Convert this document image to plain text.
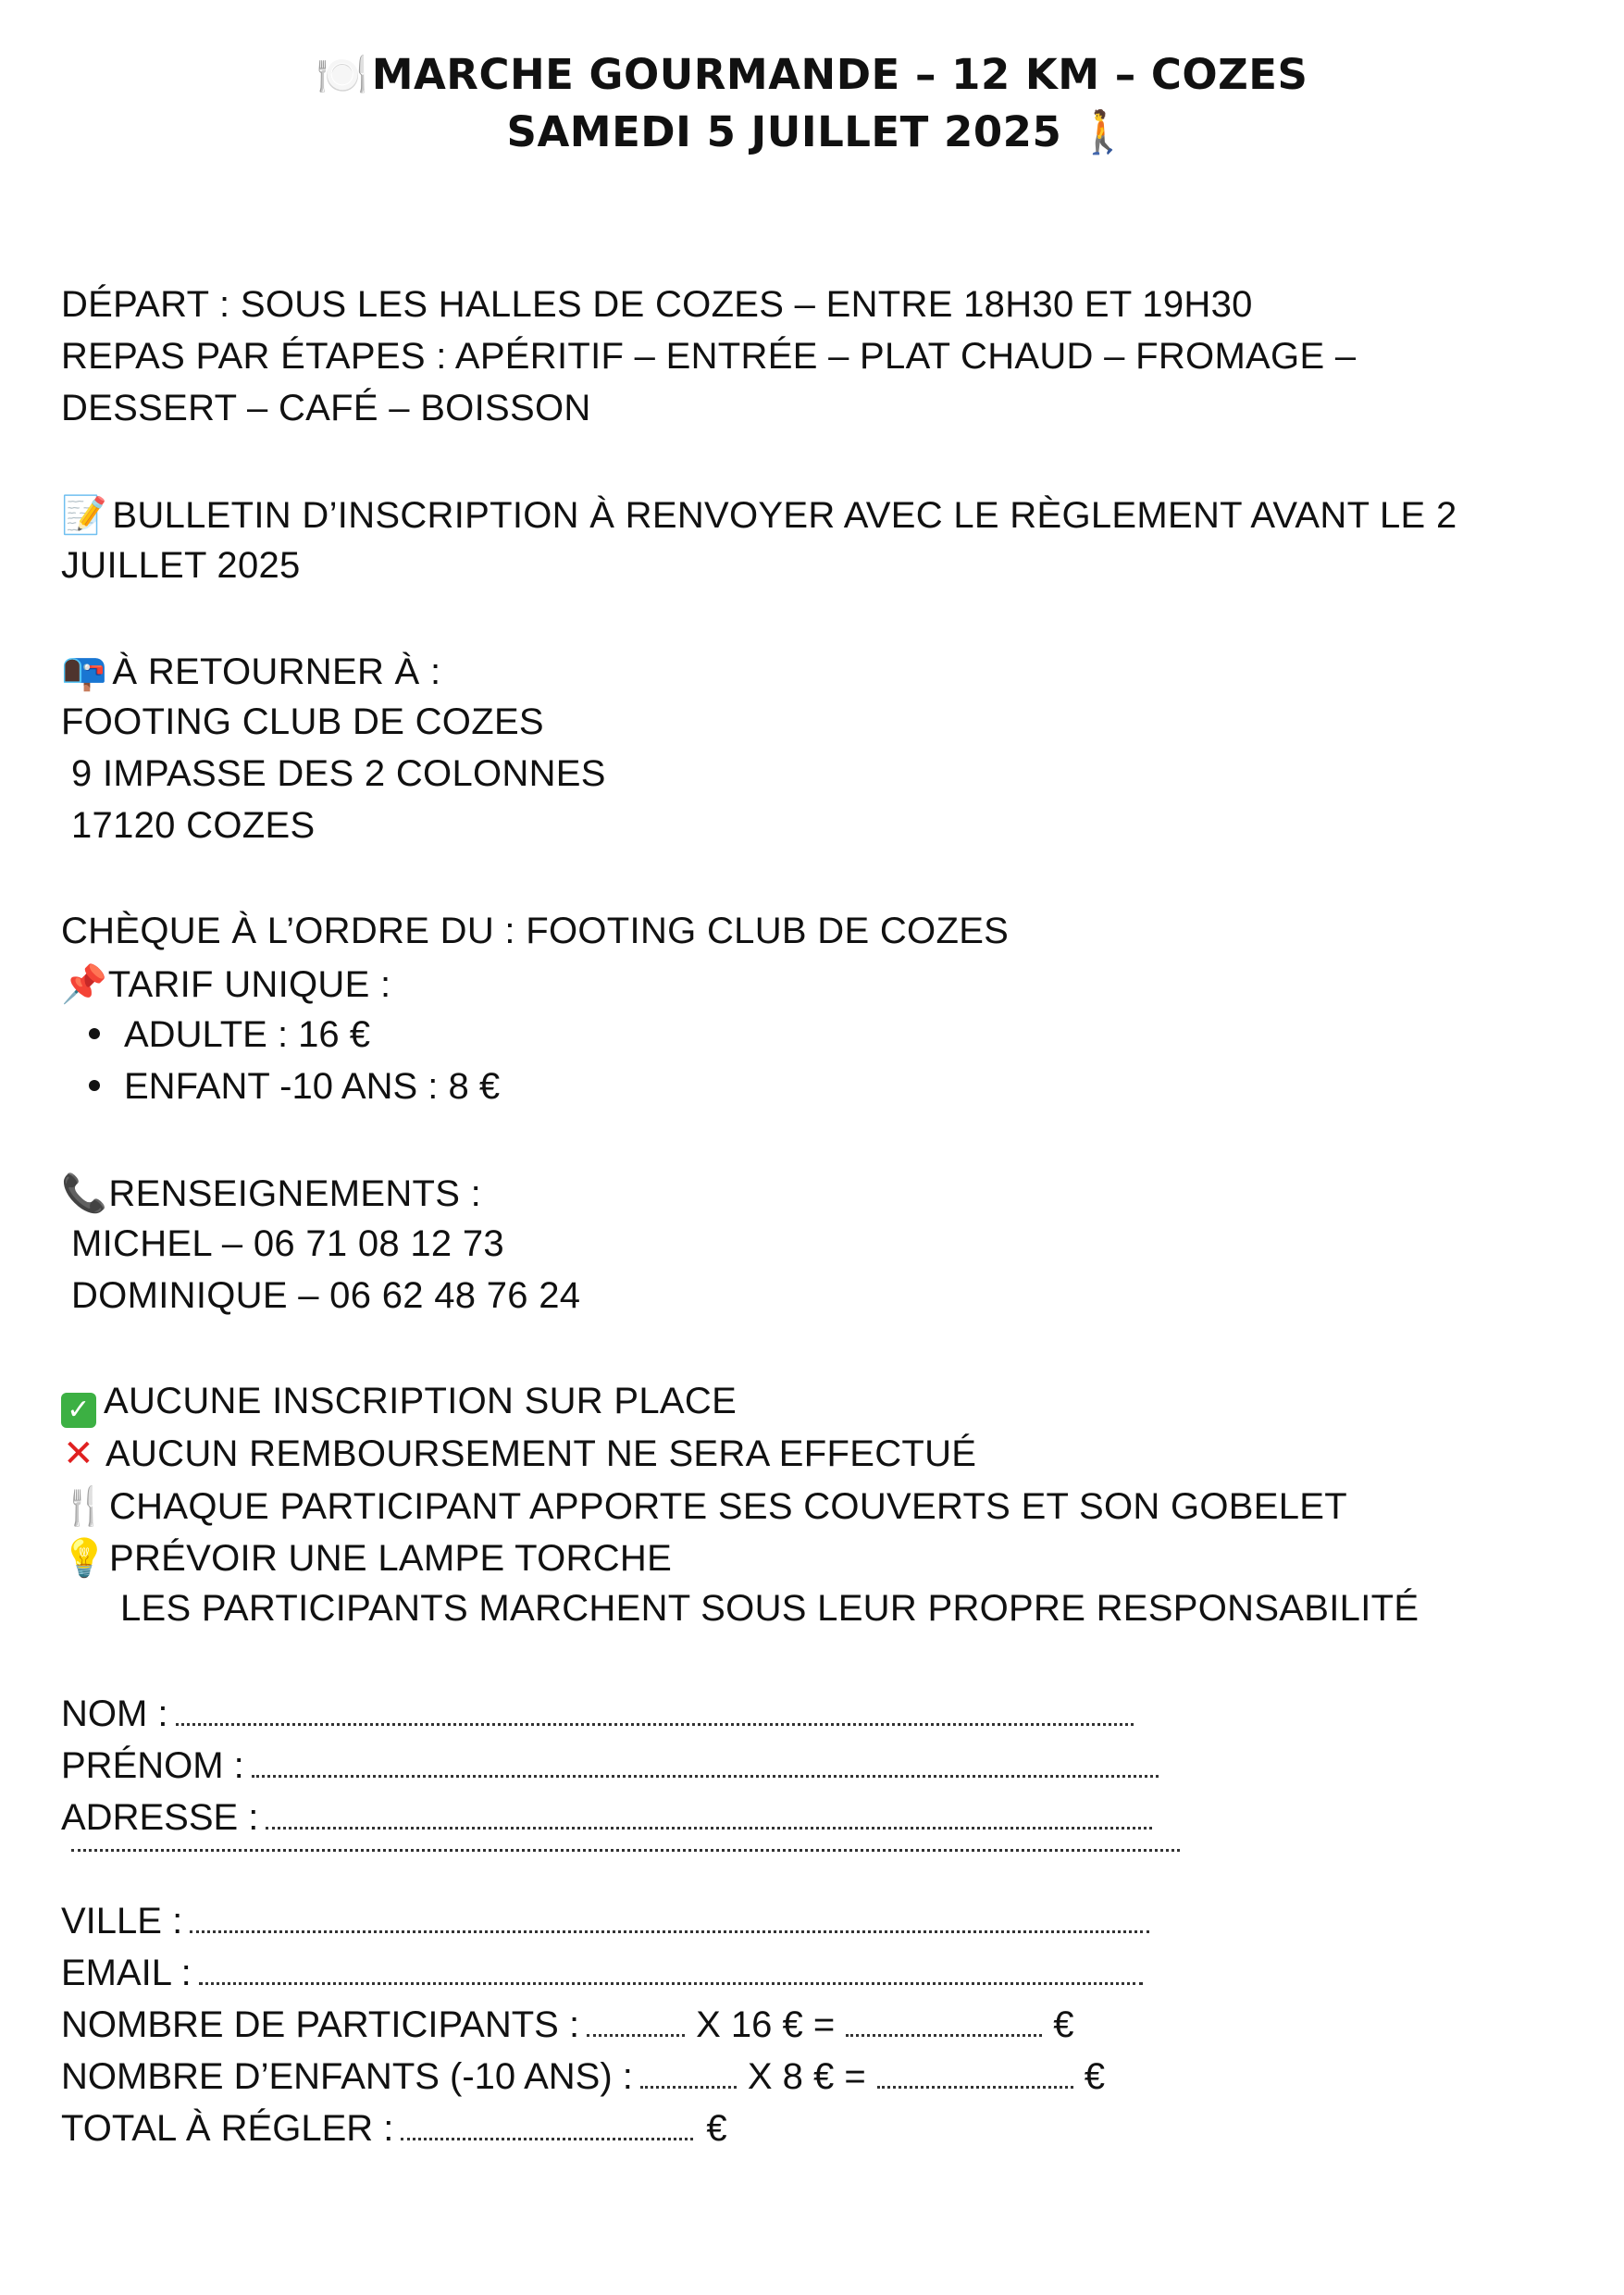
🍽️ MARCHE GOURMANDE – 12 KM – COZES
SAMEDI 5 JUILLET 2025 🚶
DÉPART : SOUS LES HALLES DE COZES – ENTRE 18H30 ET 19H30
REPAS PAR ÉTAPES : APÉRITIF – ENTRÉE – PLAT CHAUD – FROMAGE –
DESSERT – CAFÉ – BOISSON
📝 BULLETIN D’INSCRIPTION À RENVOYER AVEC LE RÈGLEMENT AVANT LE 2
JUILLET 2025
📭 À RETOURNER À :
FOOTING CLUB DE COZES
9 IMPASSE DES 2 COLONNES
17120 COZES
CHÈQUE À L’ORDRE DU : FOOTING CLUB DE COZES
📌 TARIF UNIQUE :
ADULTE : 16 €
ENFANT -10 ANS : 8 €
📞 RENSEIGNEMENTS :
MICHEL – 06 71 08 12 73
DOMINIQUE – 06 62 48 76 24
✓ AUCUNE INSCRIPTION SUR PLACE
✕ AUCUN REMBOURSEMENT NE SERA EFFECTUÉ
🍴CHAQUE PARTICIPANT APPORTE SES COUVERTS ET SON GOBELET
💡PRÉVOIR UNE LAMPE TORCHE
LES PARTICIPANTS MARCHENT SOUS LEUR PROPRE RESPONSABILITÉ
NOM :
PRÉNOM :
ADRESSE :
VILLE :
EMAIL :
NOMBRE DE PARTICIPANTS :	X 16 € =	€
NOMBRE D’ENFANTS (-10 ANS) :	X 8 € =	€
TOTAL À RÉGLER :	€
